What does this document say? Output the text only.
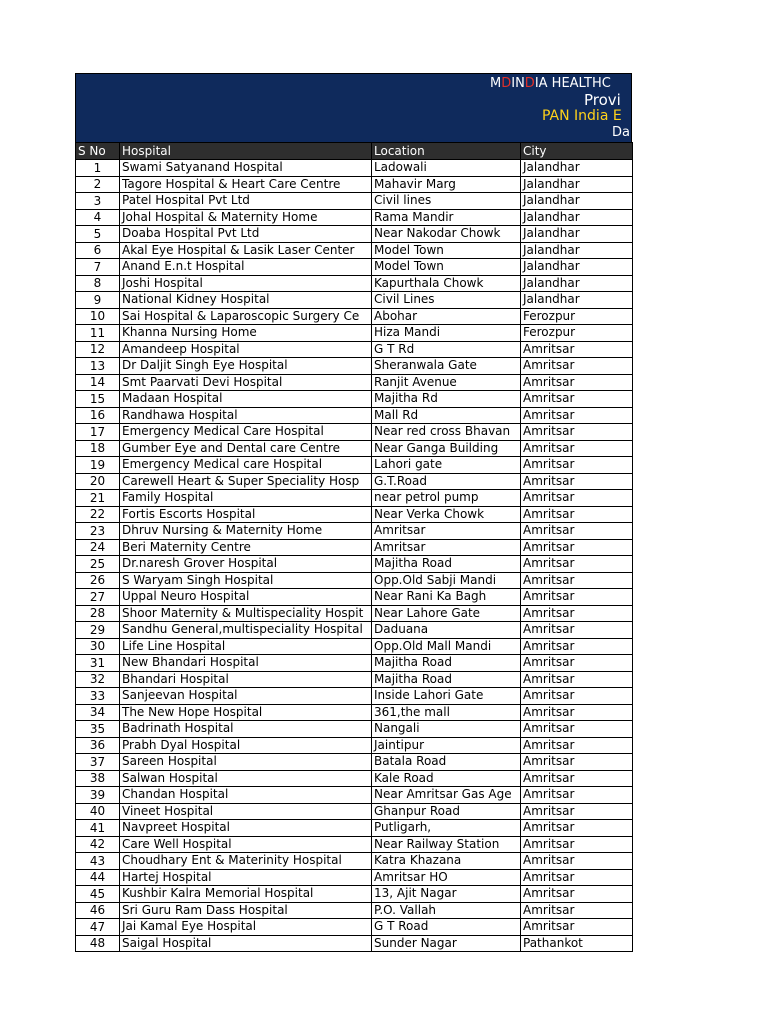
MDINDIA HEALTHC
Provi
PAN India E
Da
S No	Hospital	Location	City
1	Swami Satyanand Hospital	Ladowali	Jalandhar
2	Tagore Hospital & Heart Care Centre	Mahavir Marg	Jalandhar
3	Patel Hospital Pvt Ltd	Civil lines	Jalandhar
4	Johal Hospital & Maternity Home	Rama Mandir	Jalandhar
5	Doaba Hospital Pvt Ltd	Near Nakodar Chowk	Jalandhar
6	Akal Eye Hospital & Lasik Laser Center	Model Town	Jalandhar
7	Anand E.n.t Hospital	Model Town	Jalandhar
8	Joshi Hospital	Kapurthala Chowk	Jalandhar
9	National Kidney Hospital	Civil Lines	Jalandhar
10	Sai Hospital & Laparoscopic Surgery Ce	Abohar	Ferozpur
11	Khanna Nursing Home	Hiza Mandi	Ferozpur
12	Amandeep Hospital	G T Rd	Amritsar
13	Dr Daljit Singh Eye Hospital	Sheranwala Gate	Amritsar
14	Smt Paarvati Devi Hospital	Ranjit Avenue	Amritsar
15	Madaan Hospital	Majitha Rd	Amritsar
16	Randhawa Hospital	Mall Rd	Amritsar
17	Emergency Medical Care Hospital	Near red cross Bhavan	Amritsar
18	Gumber Eye and Dental care Centre	Near Ganga Building	Amritsar
19	Emergency Medical care Hospital	Lahori gate	Amritsar
20	Carewell Heart & Super Speciality Hosp	G.T.Road	Amritsar
21	Family Hospital	near petrol pump	Amritsar
22	Fortis Escorts Hospital	Near Verka Chowk	Amritsar
23	Dhruv Nursing & Maternity Home	Amritsar	Amritsar
24	Beri Maternity Centre	Amritsar	Amritsar
25	Dr.naresh Grover Hospital	Majitha Road	Amritsar
26	S Waryam Singh Hospital	Opp.Old Sabji Mandi	Amritsar
27	Uppal Neuro Hospital	Near Rani Ka Bagh	Amritsar
28	Shoor Maternity & Multispeciality Hospit	Near Lahore Gate	Amritsar
29	Sandhu General,multispeciality Hospital	Daduana	Amritsar
30	Life Line Hospital	Opp.Old Mall Mandi	Amritsar
31	New Bhandari Hospital	Majitha Road	Amritsar
32	Bhandari Hospital	Majitha Road	Amritsar
33	Sanjeevan Hospital	Inside Lahori Gate	Amritsar
34	The New Hope Hospital	361,the mall	Amritsar
35	Badrinath Hospital	Nangali	Amritsar
36	Prabh Dyal Hospital	Jaintipur	Amritsar
37	Sareen Hospital	Batala Road	Amritsar
38	Salwan Hospital	Kale Road	Amritsar
39	Chandan Hospital	Near Amritsar Gas Age	Amritsar
40	Vineet Hospital	Ghanpur Road	Amritsar
41	Navpreet Hospital	Putligarh,	Amritsar
42	Care Well Hospital	Near Railway Station	Amritsar
43	Choudhary Ent & Materinity Hospital	Katra Khazana	Amritsar
44	Hartej Hospital	Amritsar HO	Amritsar
45	Kushbir Kalra Memorial Hospital	13, Ajit Nagar	Amritsar
46	Sri Guru Ram Dass Hospital	P.O. Vallah	Amritsar
47	Jai Kamal Eye Hospital	G T Road	Amritsar
48	Saigal Hospital	Sunder Nagar	Pathankot
